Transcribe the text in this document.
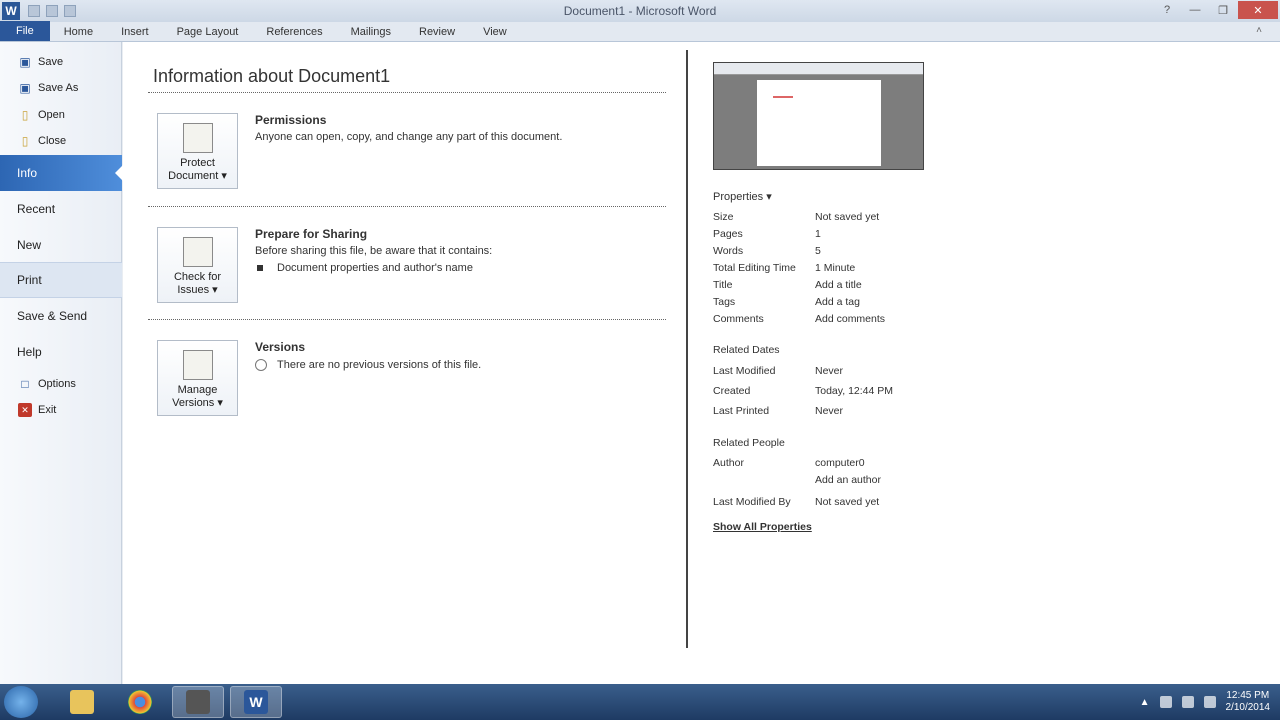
W	Document1 - Microsoft Word	?	—	❐	✕
File	Home	Insert	Page Layout	References	Mailings	Review	View	˄
▣ Save
▣ Save As
▯ Open
▯ Close
Info
Recent
New
Print
Save & Send
Help
□ Options
✕ Exit
Information about Document1
Protect
Document ▾
Permissions
Anyone can open, copy, and change any part of this document.
Check for
Issues ▾
Prepare for Sharing
Before sharing this file, be aware that it contains:
Document properties and author's name
Manage
Versions ▾
Versions
There are no previous versions of this file.
Properties ▾
Size	Not saved yet
Pages	1
Words	5
Total Editing Time 1 Minute
Title	Add a title
Tags	Add a tag
Comments	Add comments
Related Dates
Last Modified	Never
Created	Today, 12:44 PM
Last Printed	Never
Related People
Author	computer0
Add an author
Last Modified By Not saved yet
Show All Properties
W	▲
12:45 PM
2/10/2014
